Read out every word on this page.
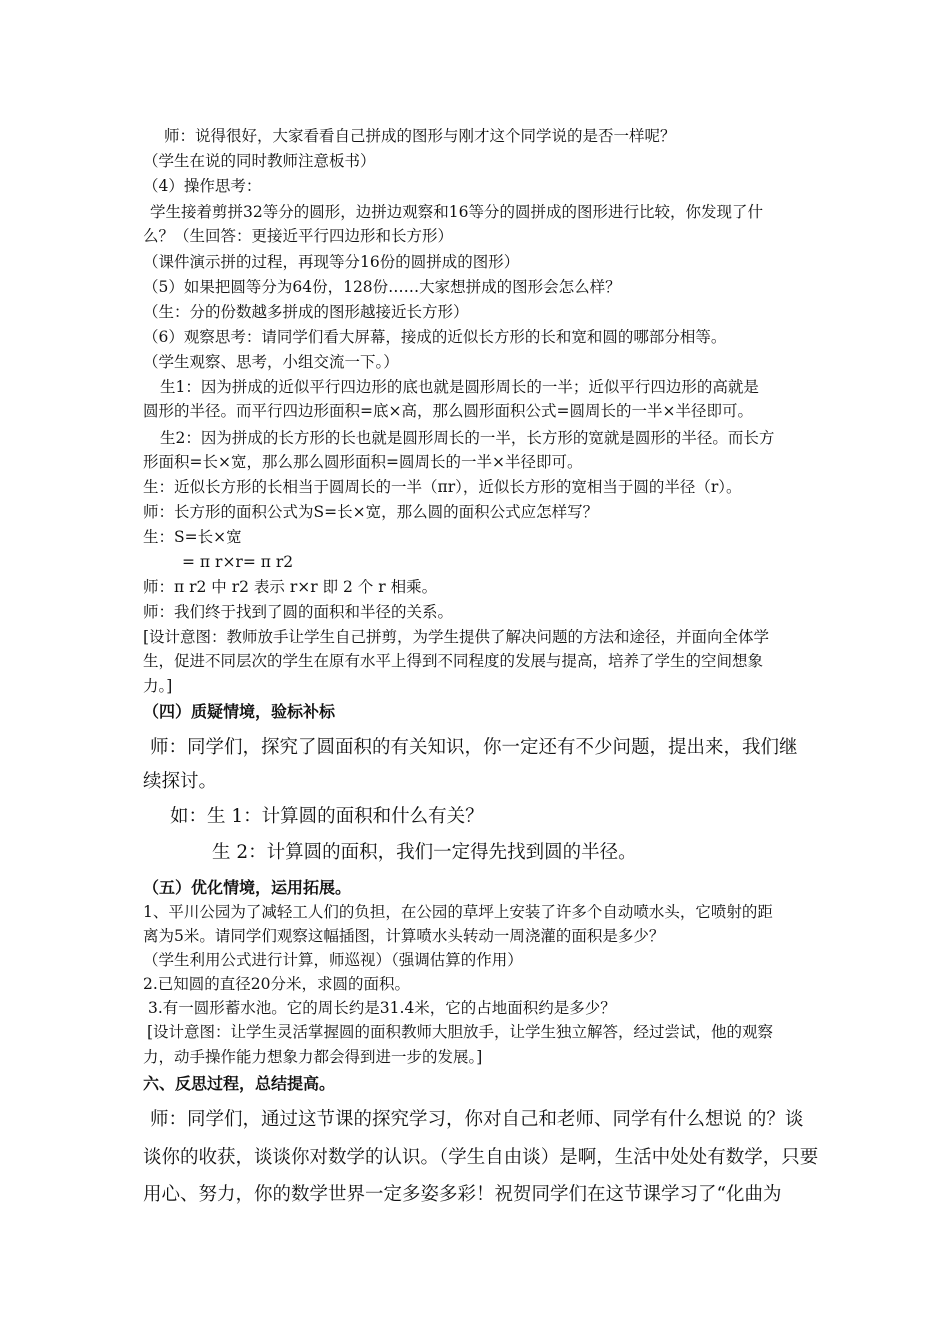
师：说得很好，大家看看自己拼成的图形与刚才这个同学说的是否一样呢？
（学生在说的同时教师注意板书）
（4）操作思考：
学生接着剪拼32等分的圆形，边拼边观察和16等分的圆拼成的图形进行比较，你发现了什
么？（生回答：更接近平行四边形和长方形）
（课件演示拼的过程，再现等分16份的圆拼成的图形）
（5）如果把圆等分为64份，128份……大家想拼成的图形会怎么样？
（生：分的份数越多拼成的图形越接近长方形）
（6）观察思考：请同学们看大屏幕，接成的近似长方形的长和宽和圆的哪部分相等。
（学生观察、思考，小组交流一下。）
生1：因为拼成的近似平行四边形的底也就是圆形周长的一半；近似平行四边形的高就是
圆形的半径。而平行四边形面积=底×高，那么圆形面积公式=圆周长的一半×半径即可。
生2：因为拼成的长方形的长也就是圆形周长的一半，长方形的宽就是圆形的半径。而长方
形面积=长×宽，那么那么圆形面积=圆周长的一半×半径即可。
生：近似长方形的长相当于圆周长的一半（πr），近似长方形的宽相当于圆的半径（r）。
师：长方形的面积公式为S=长×宽，那么圆的面积公式应怎样写？
生：S=长×宽
= π r×r= π r2
师：π r2 中 r2 表示 r×r 即 2 个 r 相乘。
师：我们终于找到了圆的面积和半径的关系。
[设计意图：教师放手让学生自己拼剪，为学生提供了解决问题的方法和途径，并面向全体学
生，促进不同层次的学生在原有水平上得到不同程度的发展与提高，培养了学生的空间想象
力。]
（四）质疑情境，验标补标
师：同学们，探究了圆面积的有关知识，你一定还有不少问题，提出来，我们继
续探讨。
如：生 1：计算圆的面积和什么有关？
生 2：计算圆的面积，我们一定得先找到圆的半径。
（五）优化情境，运用拓展。
1、平川公园为了减轻工人们的负担，在公园的草坪上安装了许多个自动喷水头，它喷射的距
离为5米。请同学们观察这幅插图，计算喷水头转动一周浇灌的面积是多少？
（学生利用公式进行计算，师巡视）（强调估算的作用）
2.已知圆的直径20分米，求圆的面积。
3.有一圆形蓄水池。它的周长约是31.4米，它的占地面积约是多少？
[设计意图：让学生灵活掌握圆的面积教师大胆放手，让学生独立解答，经过尝试，他的观察
力，动手操作能力想象力都会得到进一步的发展。]
六、反思过程，总结提高。
师：同学们，通过这节课的探究学习，你对自己和老师、同学有什么想说 的？谈
谈你的收获，谈谈你对数学的认识。（学生自由谈）是啊，生活中处处有数学，只要
用心、努力，你的数学世界一定多姿多彩！祝贺同学们在这节课学习了“化曲为
